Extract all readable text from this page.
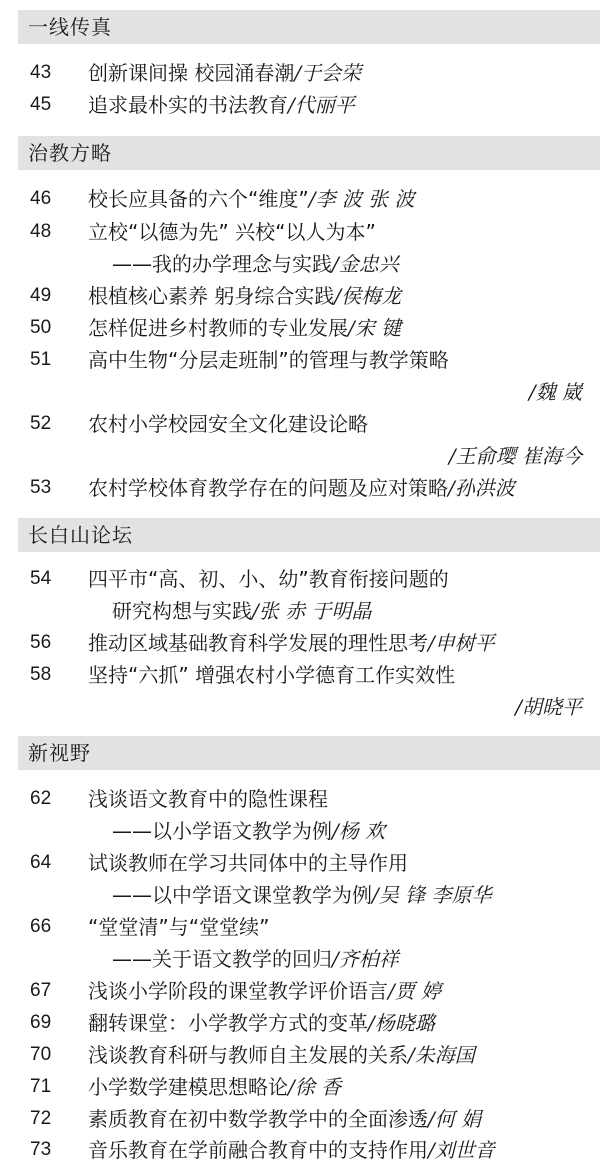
一线传真
43	创新课间操 校园涌春潮/于会荣
45	追求最朴实的书法教育/代丽平
治教方略
46	校长应具备的六个“维度”/李 波 张 波
48	立校“以德为先” 兴校“以人为本”
——我的办学理念与实践/金忠兴
49	根植核心素养 躬身综合实践/侯梅龙
50	怎样促进乡村教师的专业发展/宋 键
51	高中生物“分层走班制”的管理与教学策略
/魏 崴
52	农村小学校园安全文化建设论略
/王俞璎 崔海今
53	农村学校体育教学存在的问题及应对策略/孙洪波
长白山论坛
54	四平市“高、初、小、幼”教育衔接问题的
研究构想与实践/张 赤 于明晶
56	推动区域基础教育科学发展的理性思考/申树平
58	坚持“六抓” 增强农村小学德育工作实效性
/胡晓平
新视野
62	浅谈语文教育中的隐性课程
——以小学语文教学为例/杨 欢
64	试谈教师在学习共同体中的主导作用
——以中学语文课堂教学为例/吴 锋 李原华
66	“堂堂清”与“堂堂续”
——关于语文教学的回归/齐柏祥
67	浅谈小学阶段的课堂教学评价语言/贾 婷
69	翻转课堂：小学教学方式的变革/杨晓璐
70	浅谈教育科研与教师自主发展的关系/朱海国
71	小学数学建模思想略论/徐 香
72	素质教育在初中数学教学中的全面渗透/何 娟
73	音乐教育在学前融合教育中的支持作用/刘世音
